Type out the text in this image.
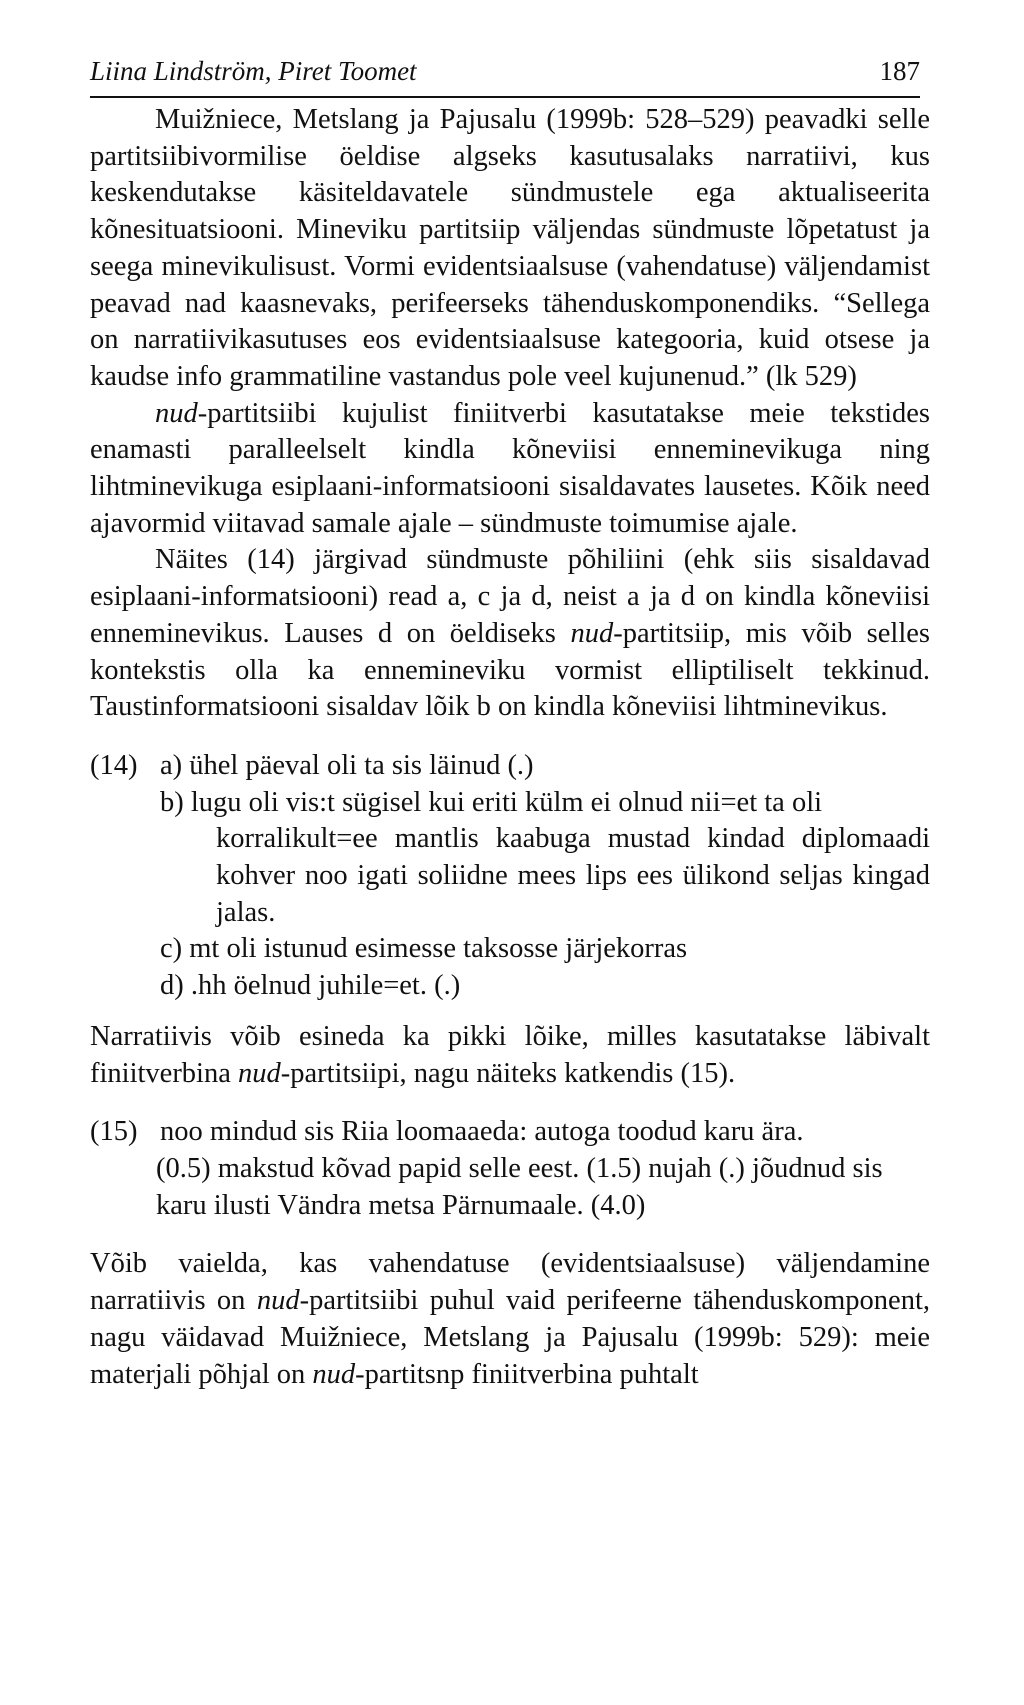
Liina Lindström, Piret Toomet	187

Muižniece, Metslang ja Pajusalu (1999b: 528–529) peavadki selle partitsiibivormilise öeldise algseks kasutusalaks narratiivi, kus keskendutakse käsiteldavatele sündmustele ega aktualiseerita kõnesituatsiooni. Mineviku partitsiip väljendas sündmuste lõpetatust ja seega minevikulisust. Vormi evidentsiaalsuse (vahendatuse) väljendamist peavad nad kaasnevaks, perifeerseks tähenduskomponendiks. “Sellega on narratiivikasutuses eos evidentsiaalsuse kategooria, kuid otsese ja kaudse info grammatiline vastandus pole veel kujunenud.” (lk 529)

nud-partitsiibi kujulist finiitverbi kasutatakse meie tekstides enamasti paralleelselt kindla kõneviisi enneminevikuga ning lihtminevikuga esiplaani-informatsiooni sisaldavates lausetes. Kõik need ajavormid viitavad samale ajale – sündmuste toimumise ajale.

Näites (14) järgivad sündmuste põhiliini (ehk siis sisaldavad esiplaani-informatsiooni) read a, c ja d, neist a ja d on kindla kõneviisi enneminevikus. Lauses d on öeldiseks nud-partitsiip, mis võib selles kontekstis olla ka ennemineviku vormist elliptiliselt tekkinud. Taustinformatsiooni sisaldav lõik b on kindla kõneviisi lihtminevikus.

(14) a) ühel päeval oli ta sis läinud (.)
b) lugu oli vis:t sügisel kui eriti külm ei olnud nii=et ta oli
korralikult=ee mantlis kaabuga mustad kindad diplomaadi kohver noo igati soliidne mees lips ees ülikond seljas kingad jalas.
c) mt oli istunud esimesse taksosse järjekorras
d) .hh öelnud juhile=et. (.)

Narratiivis võib esineda ka pikki lõike, milles kasutatakse läbivalt finiitverbina nud-partitsiipi, nagu näiteks katkendis (15).

(15) noo mindud sis Riia loomaaeda: autoga toodud karu ära.
(0.5) makstud kõvad papid selle eest. (1.5) nujah (.) jõudnud sis karu ilusti Vändra metsa Pärnumaale. (4.0)

Võib vaielda, kas vahendatuse (evidentsiaalsuse) väljendamine narratiivis on nud-partitsiibi puhul vaid perifeerne tähenduskomponent, nagu väidavad Muižniece, Metslang ja Pajusalu (1999b: 529): meie materjali põhjal on nud-partitsnp finiitverbina puhtalt
